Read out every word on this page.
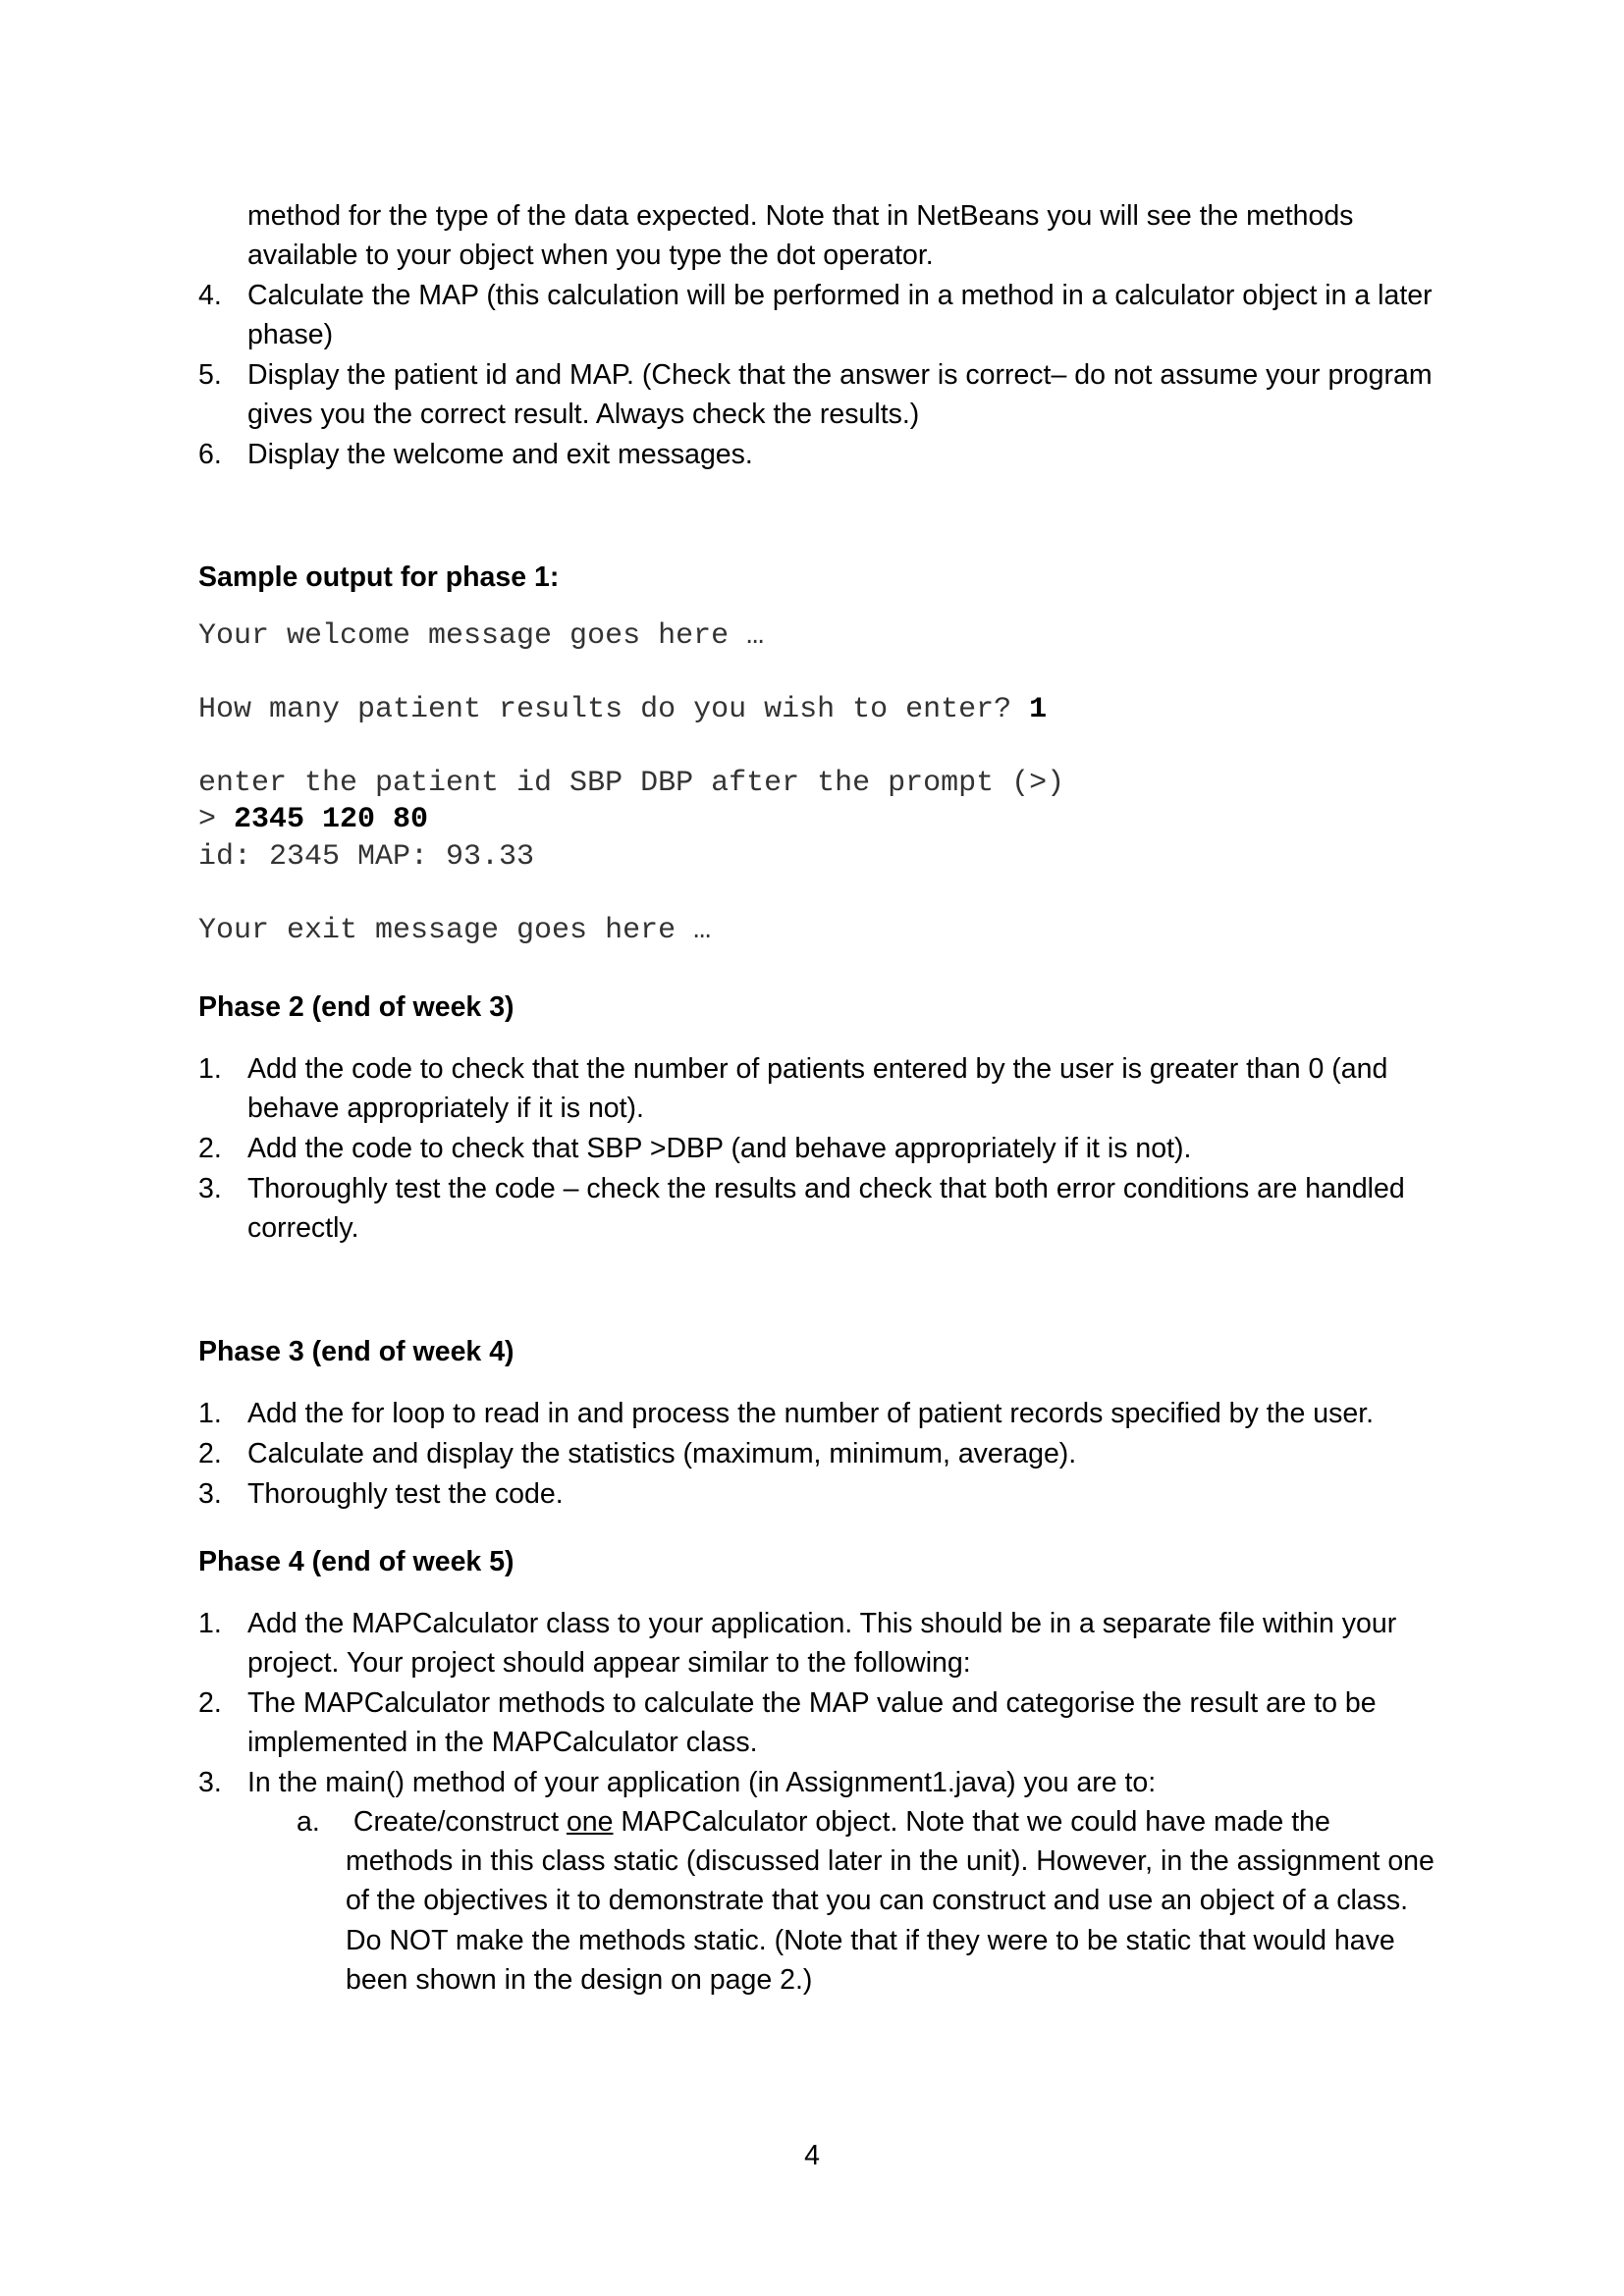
method for the type of the data expected. Note that in NetBeans you will see the methods
available to your object when you type the dot operator.
4. Calculate the MAP (this calculation will be performed in a method in a calculator object in a later
phase)
5. Display the patient id and MAP. (Check that the answer is correct– do not assume your program
gives you the correct result. Always check the results.)
6. Display the welcome and exit messages.
Sample output for phase 1:
Your welcome message goes here …
How many patient results do you wish to enter? 1
enter the patient id SBP DBP after the prompt (>)
> 2345 120 80
id: 2345 MAP: 93.33
Your exit message goes here …
Phase 2 (end of week 3)
1. Add the code to check that the number of patients entered by the user is greater than 0 (and
behave appropriately if it is not).
2. Add the code to check that SBP >DBP (and behave appropriately if it is not).
3. Thoroughly test the code – check the results and check that both error conditions are handled
correctly.
Phase 3 (end of week 4)
1. Add the for loop to read in and process the number of patient records specified by the user.
2. Calculate and display the statistics (maximum, minimum, average).
3. Thoroughly test the code.
Phase 4 (end of week 5)
1. Add the MAPCalculator class to your application. This should be in a separate file within your
project. Your project should appear similar to the following:
2. The MAPCalculator methods to calculate the MAP value and categorise the result are to be
implemented in the MAPCalculator class.
3. In the main() method of your application (in Assignment1.java) you are to:
a. Create/construct one MAPCalculator object. Note that we could have made the
methods in this class static (discussed later in the unit). However, in the assignment one
of the objectives it to demonstrate that you can construct and use an object of a class.
Do NOT make the methods static. (Note that if they were to be static that would have
been shown in the design on page 2.)
4
